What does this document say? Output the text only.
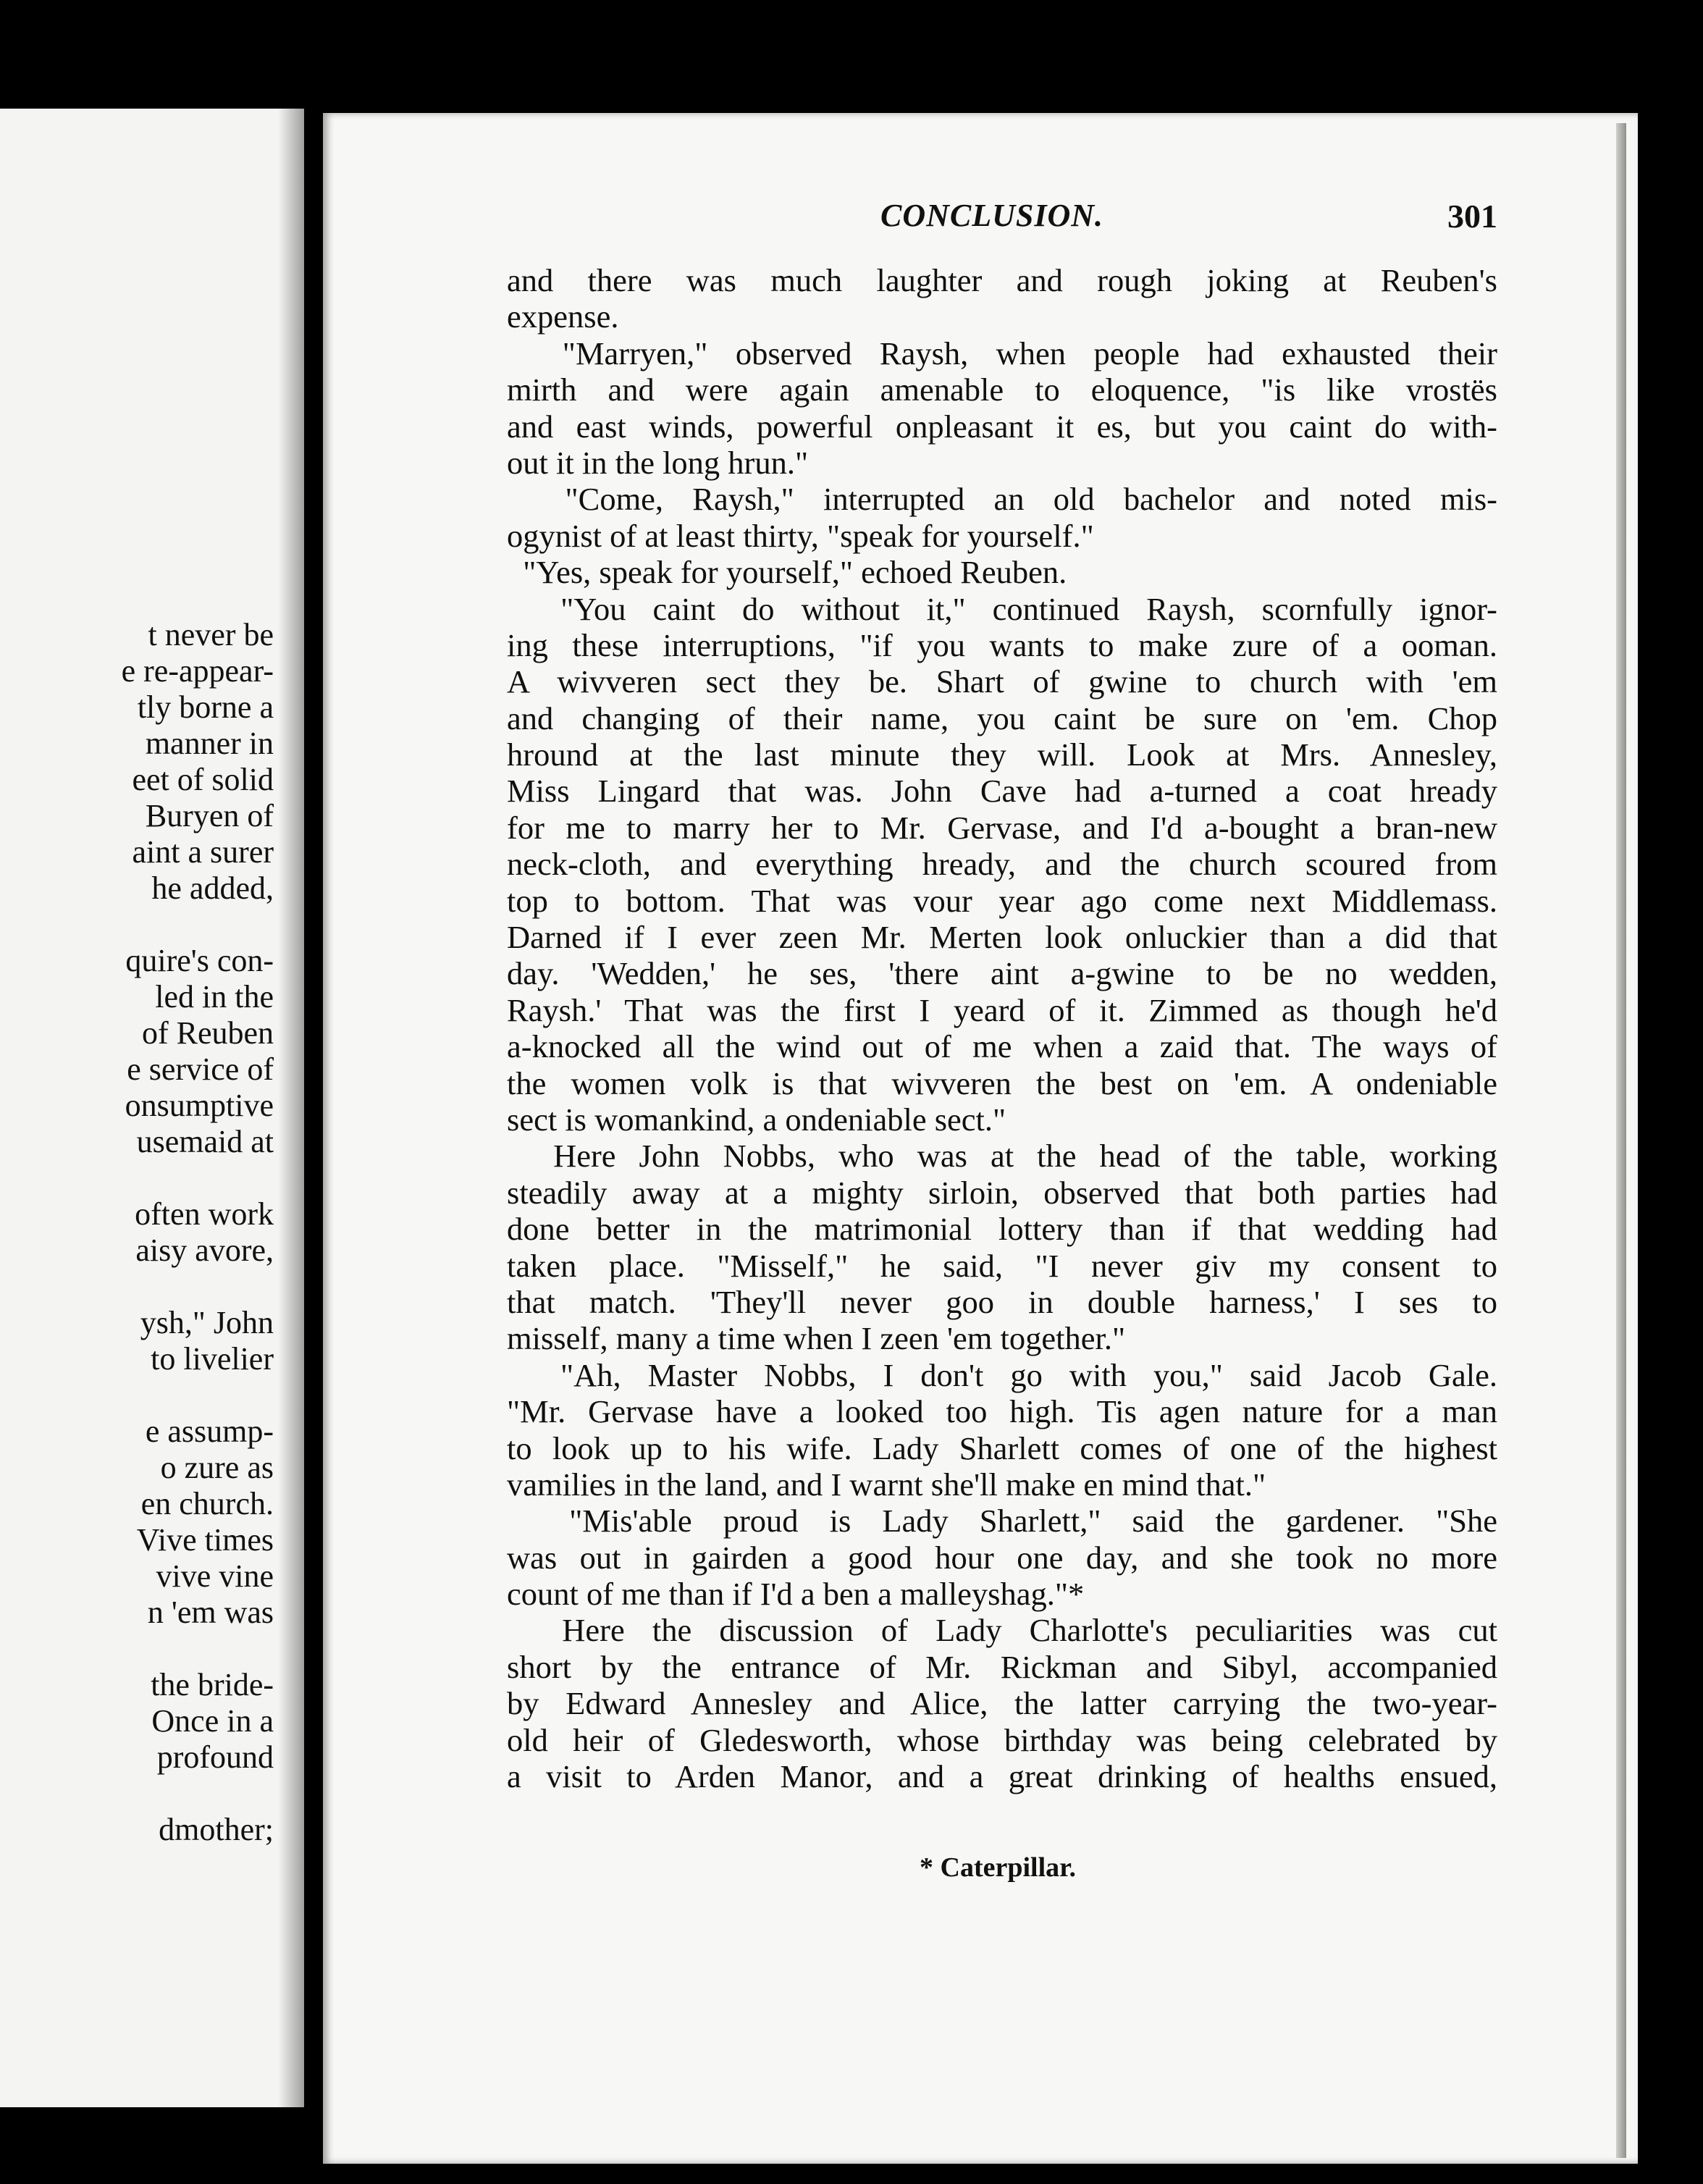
t never be
e re-appear-
tly borne a
manner in
eet of solid
Buryen of
aint a surer
he added,
quire's con-
led in the
of Reuben
e service of
onsumptive
usemaid at
often work
aisy avore,
ysh," John
to livelier
e assump-
o zure as
en church.
Vive times
vive vine
n 'em was
the bride-
Once in a
profound
dmother;
CONCLUSION.	301
and there was much laughter and rough joking at Reuben's
expense.
"Marryen," observed Raysh, when people had exhausted their
mirth and were again amenable to eloquence, "is like vrostës
and east winds, powerful onpleasant it es, but you caint do with-
out it in the long hrun."
"Come, Raysh," interrupted an old bachelor and noted mis-
ogynist of at least thirty, "speak for yourself."
"Yes, speak for yourself," echoed Reuben.
"You caint do without it," continued Raysh, scornfully ignor-
ing these interruptions, "if you wants to make zure of a ooman.
A wivveren sect they be. Shart of gwine to church with 'em
and changing of their name, you caint be sure on 'em. Chop
hround at the last minute they will. Look at Mrs. Annesley,
Miss Lingard that was. John Cave had a-turned a coat hready
for me to marry her to Mr. Gervase, and I'd a-bought a bran-new
neck-cloth, and everything hready, and the church scoured from
top to bottom. That was vour year ago come next Middlemass.
Darned if I ever zeen Mr. Merten look onluckier than a did that
day. 'Wedden,' he ses, 'there aint a-gwine to be no wedden,
Raysh.' That was the first I yeard of it. Zimmed as though he'd
a-knocked all the wind out of me when a zaid that. The ways of
the women volk is that wivveren the best on 'em. A ondeniable
sect is womankind, a ondeniable sect."
Here John Nobbs, who was at the head of the table, working
steadily away at a mighty sirloin, observed that both parties had
done better in the matrimonial lottery than if that wedding had
taken place. "Misself," he said, "I never giv my consent to
that match. 'They'll never goo in double harness,' I ses to
misself, many a time when I zeen 'em together."
"Ah, Master Nobbs, I don't go with you," said Jacob Gale.
"Mr. Gervase have a looked too high. Tis agen nature for a man
to look up to his wife. Lady Sharlett comes of one of the highest
vamilies in the land, and I warnt she'll make en mind that."
"Mis'able proud is Lady Sharlett," said the gardener. "She
was out in gairden a good hour one day, and she took no more
count of me than if I'd a ben a malleyshag."*
Here the discussion of Lady Charlotte's peculiarities was cut
short by the entrance of Mr. Rickman and Sibyl, accompanied
by Edward Annesley and Alice, the latter carrying the two-year-
old heir of Gledesworth, whose birthday was being celebrated by
a visit to Arden Manor, and a great drinking of healths ensued,
* Caterpillar.
